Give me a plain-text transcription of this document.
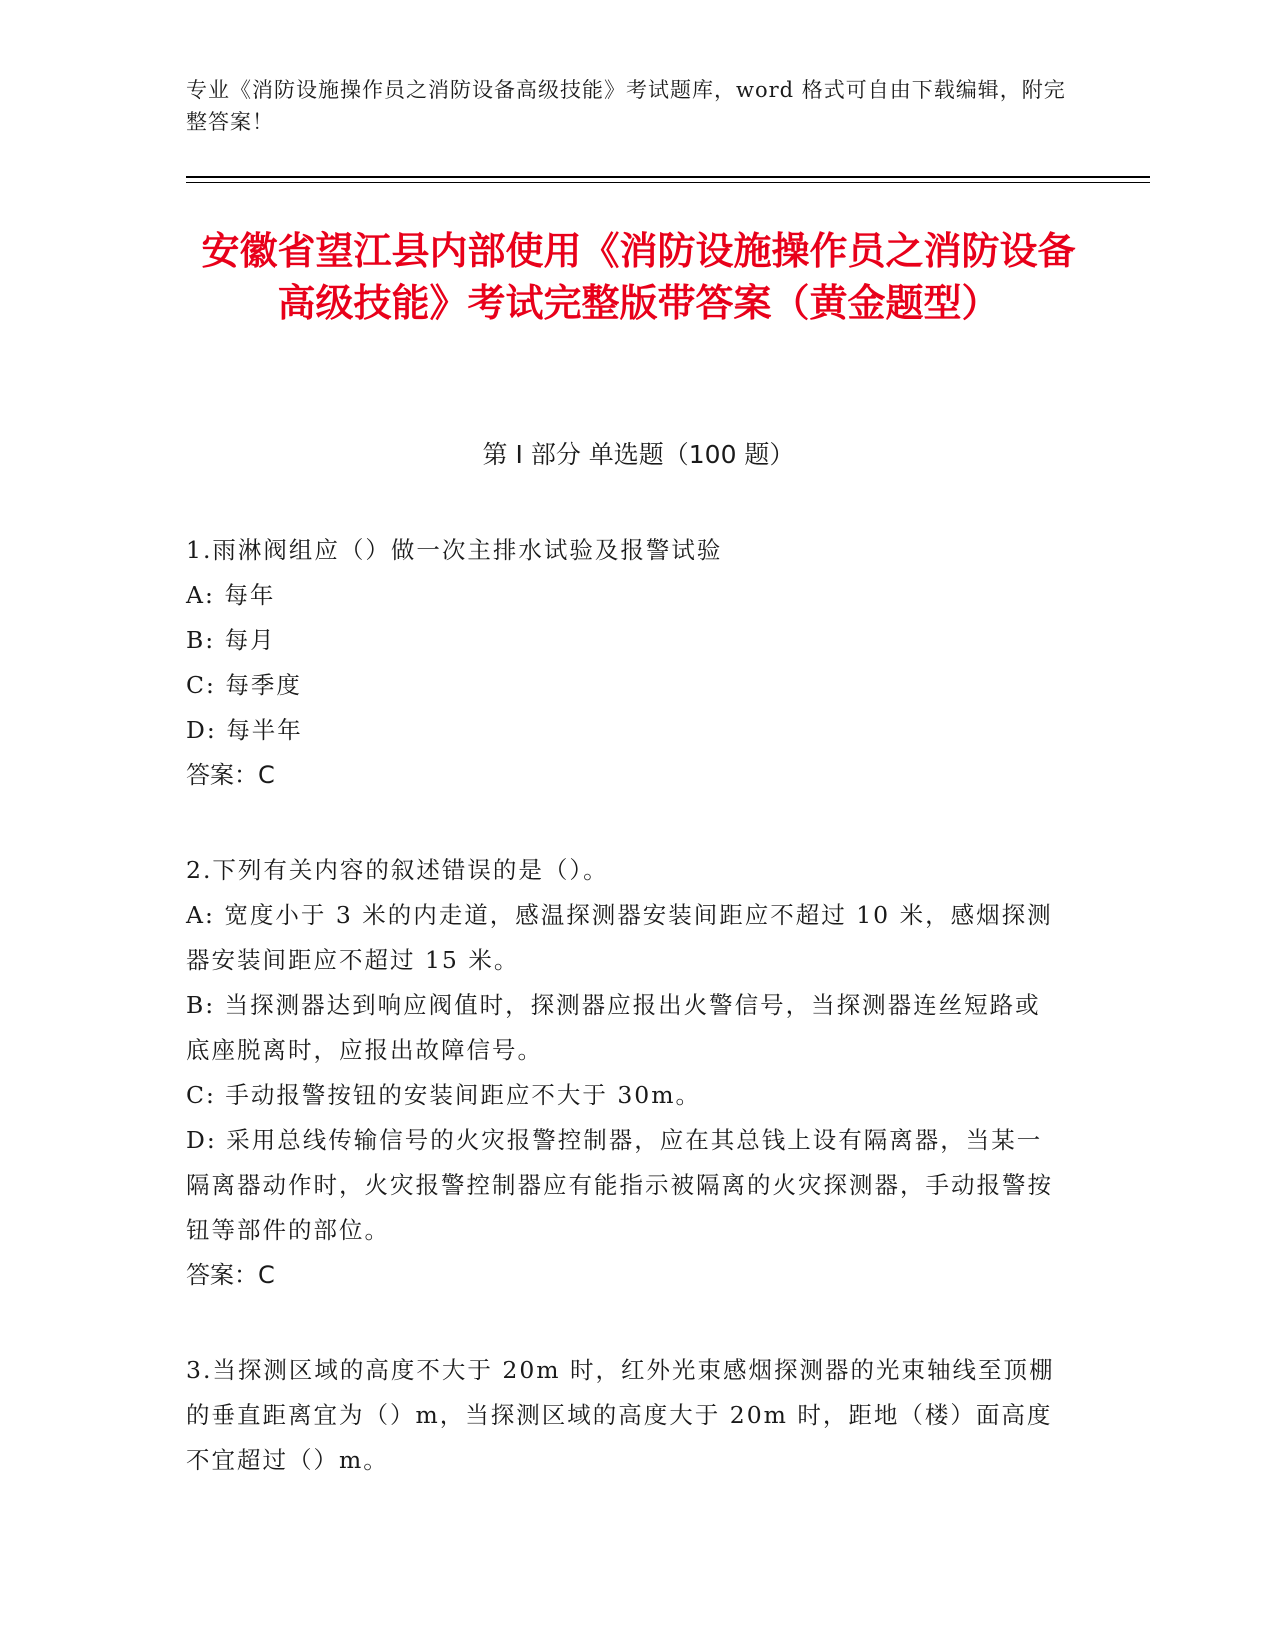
专业《消防设施操作员之消防设备高级技能》考试题库，word 格式可自由下载编辑，附完整答案！
安徽省望江县内部使用《消防设施操作员之消防设备高级技能》考试完整版带答案（黄金题型）
第 I 部分 单选题（100 题）

1.雨淋阀组应（）做一次主排水试验及报警试验

A: 每年

B: 每月

C: 每季度

D: 每半年

答案：C

2.下列有关内容的叙述错误的是（）。

A: 宽度小于 3 米的内走道，感温探测器安装间距应不超过 10 米，感烟探测器安装间距应不超过 15 米。

B: 当探测器达到响应阀值时，探测器应报出火警信号，当探测器连丝短路或底座脱离时，应报出故障信号。

C: 手动报警按钮的安装间距应不大于 30m。

D: 采用总线传输信号的火灾报警控制器，应在其总钱上设有隔离器，当某一隔离器动作时，火灾报警控制器应有能指示被隔离的火灾探测器，手动报警按钮等部件的部位。

答案：C

3.当探测区域的高度不大于 20m 时，红外光束感烟探测器的光束轴线至顶棚的垂直距离宜为（）m，当探测区域的高度大于 20m 时，距地（楼）面高度不宜超过（）m。
